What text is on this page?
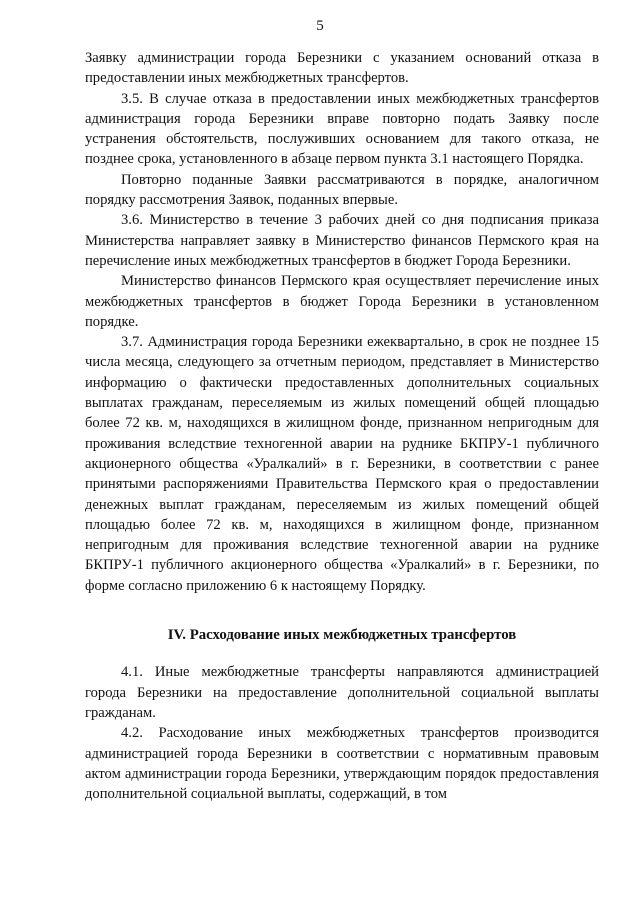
5

Заявку администрации города Березники с указанием оснований отказа в предоставлении иных межбюджетных трансфертов.

3.5. В случае отказа в предоставлении иных межбюджетных трансфертов администрация города Березники вправе повторно подать Заявку после устранения обстоятельств, послуживших основанием для такого отказа, не позднее срока, установленного в абзаце первом пункта 3.1 настоящего Порядка.

Повторно поданные Заявки рассматриваются в порядке, аналогичном порядку рассмотрения Заявок, поданных впервые.

3.6. Министерство в течение 3 рабочих дней со дня подписания приказа Министерства направляет заявку в Министерство финансов Пермского края на перечисление иных межбюджетных трансфертов в бюджет Города Березники.

Министерство финансов Пермского края осуществляет перечисление иных межбюджетных трансфертов в бюджет Города Березники в установленном порядке.

3.7. Администрация города Березники ежеквартально, в срок не позднее 15 числа месяца, следующего за отчетным периодом, представляет в Министерство информацию о фактически предоставленных дополнительных социальных выплатах гражданам, переселяемым из жилых помещений общей площадью более 72 кв. м, находящихся в жилищном фонде, признанном непригодным для проживания вследствие техногенной аварии на руднике БКПРУ-1 публичного акционерного общества «Уралкалий» в г. Березники, в соответствии с ранее принятыми распоряжениями Правительства Пермского края о предоставлении денежных выплат гражданам, переселяемым из жилых помещений общей площадью более 72 кв. м, находящихся в жилищном фонде, признанном непригодным для проживания вследствие техногенной аварии на руднике БКПРУ-1 публичного акционерного общества «Уралкалий» в г. Березники, по форме согласно приложению 6 к настоящему Порядку.

IV. Расходование иных межбюджетных трансфертов

4.1. Иные межбюджетные трансферты направляются администрацией города Березники на предоставление дополнительной социальной выплаты гражданам.

4.2. Расходование иных межбюджетных трансфертов производится администрацией города Березники в соответствии с нормативным правовым актом администрации города Березники, утверждающим порядок предоставления дополнительной социальной выплаты, содержащий, в том
